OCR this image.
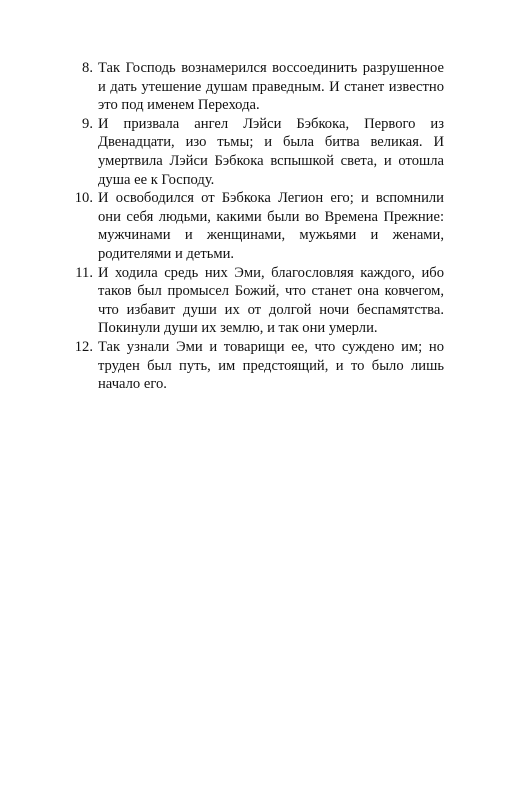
8. Так Господь вознамерился воссоединить разрушенное и дать утешение душам праведным. И станет известно это под именем Перехода.
9. И призвала ангел Лэйси Бэбкока, Первого из Двенадцати, изо тьмы; и была битва великая. И умертвила Лэйси Бэбкока вспышкой света, и отошла душа ее к Господу.
10. И освободился от Бэбкока Легион его; и вспомнили они себя людьми, какими были во Времена Прежние: мужчинами и женщинами, мужьями и женами, родителями и детьми.
11. И ходила средь них Эми, благословляя каждого, ибо таков был промысел Божий, что станет она ковчегом, что избавит души их от долгой ночи беспамятства. Покинули души их землю, и так они умерли.
12. Так узнали Эми и товарищи ее, что суждено им; но труден был путь, им предстоящий, и то было лишь начало его.
